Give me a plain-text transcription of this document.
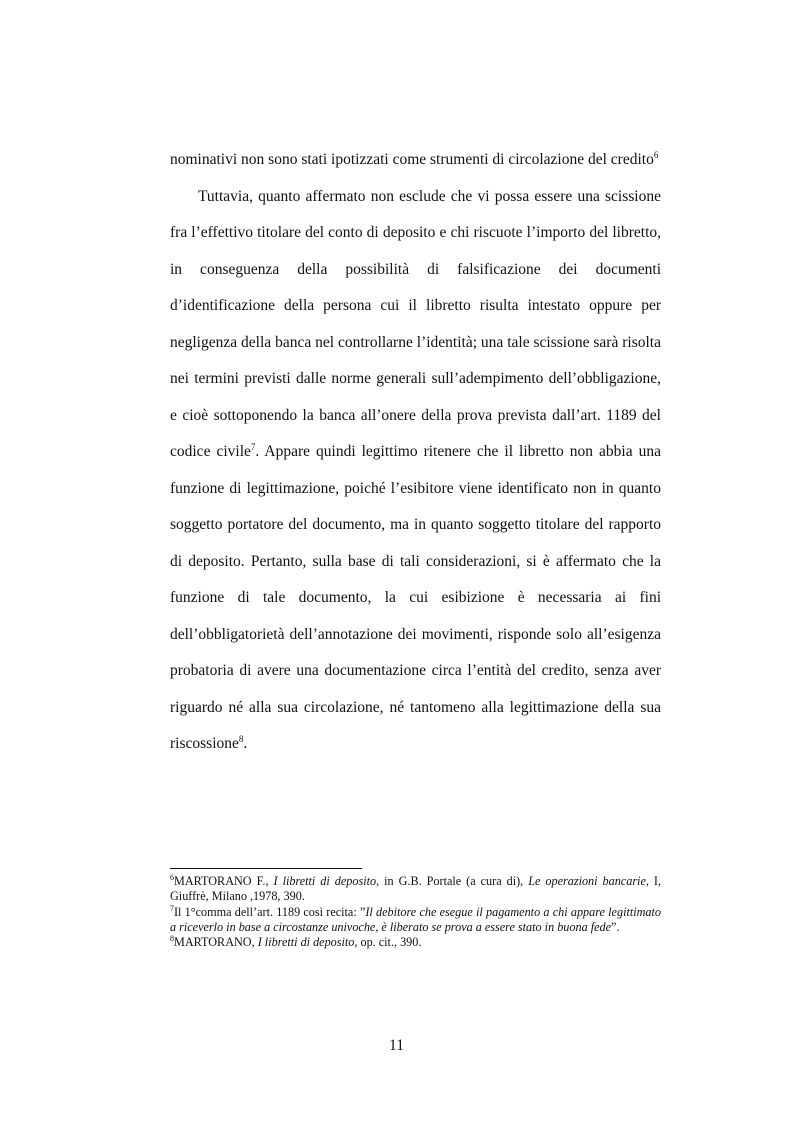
nominativi non sono stati ipotizzati come strumenti di circolazione del credito$^6$

Tuttavia, quanto affermato non esclude che vi possa essere una scissione fra l’effettivo titolare del conto di deposito e chi riscuote l’importo del libretto, in conseguenza della possibilità di falsificazione dei documenti d’identificazione della persona cui il libretto risulta intestato oppure per negligenza della banca nel controllarne l’identità; una tale scissione sarà risolta nei termini previsti dalle norme generali sull’adempimento dell’obbligazione, e cioè sottoponendo la banca all’onere della prova prevista dall’art. 1189 del codice civile$^7$. Appare quindi legittimo ritenere che il libretto non abbia una funzione di legittimazione, poiché l’esibitore viene identificato non in quanto soggetto portatore del documento, ma in quanto soggetto titolare del rapporto di deposito. Pertanto, sulla base di tali considerazioni, si è affermato che la funzione di tale documento, la cui esibizione è necessaria ai fini dell’obbligatorietà dell’annotazione dei movimenti, risponde solo all’esigenza probatoria di avere una documentazione circa l’entità del credito, senza aver riguardo né alla sua circolazione, né tantomeno alla legittimazione della sua riscossione$^8$.

$^6$MARTORANO F., I libretti di deposito, in G.B. Portale (a cura di), Le operazioni bancarie, I, Giuffrè, Milano ,1978, 390.

$^7$Il 1°comma dell’art. 1189 così recita: ”Il debitore che esegue il pagamento a chi appare legittimato a riceverlo in base a circostanze univoche, è liberato se prova a essere stato in buona fede”.

$^8$MARTORANO, I libretti di deposito, op. cit., 390.

11
